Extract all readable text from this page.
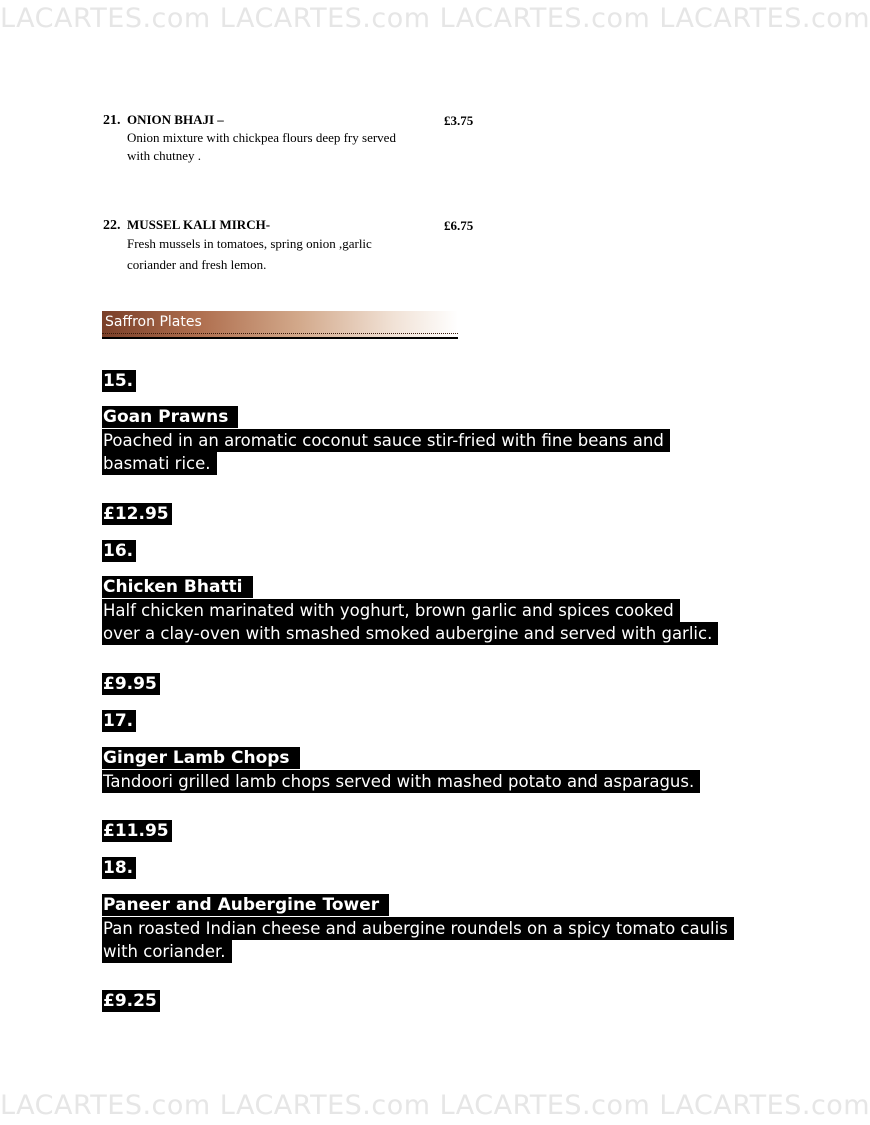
LACARTES.com LACARTES.com LACARTES.com LACARTES.com
21. ONION BHAJI –	£3.75
Onion mixture with chickpea flours deep fry served
with chutney .
22. MUSSEL KALI MIRCH-	£6.75
Fresh mussels in tomatoes, spring onion ,garlic
coriander and fresh lemon.
Saffron Plates
15.
Goan Prawns
Poached in an aromatic coconut sauce stir-fried with fine beans and
basmati rice.
£12.95
16.
Chicken Bhatti
Half chicken marinated with yoghurt, brown garlic and spices cooked
over a clay-oven with smashed smoked aubergine and served with garlic.
£9.95
17.
Ginger Lamb Chops
Tandoori grilled lamb chops served with mashed potato and asparagus.
£11.95
18.
Paneer and Aubergine Tower
Pan roasted Indian cheese and aubergine roundels on a spicy tomato caulis
with coriander.
£9.25
LACARTES.com LACARTES.com LACARTES.com LACARTES.com
